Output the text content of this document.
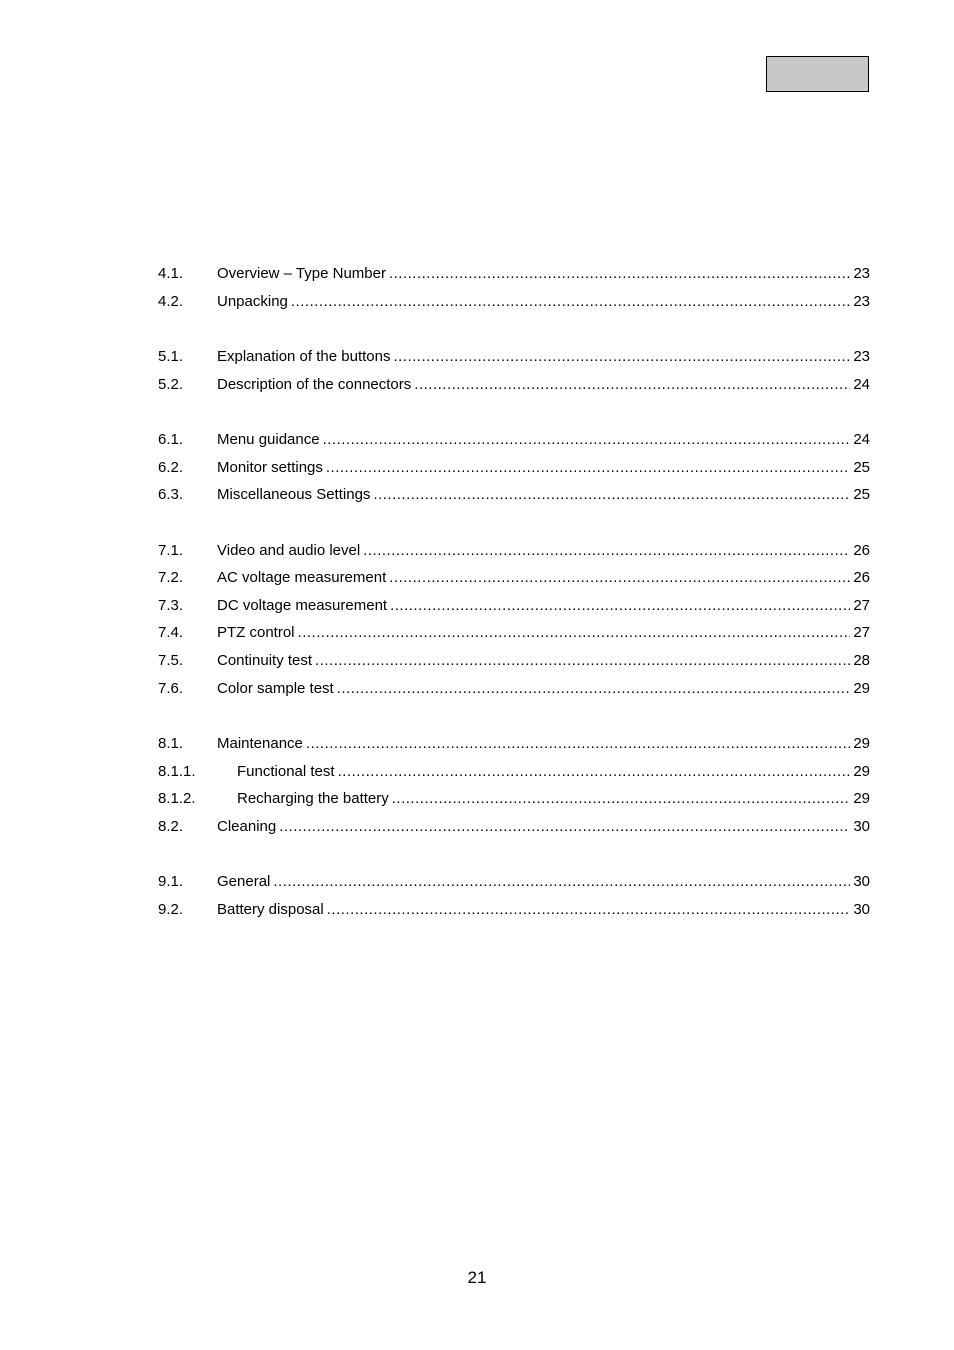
4.1.	Overview – Type Number .....	23
4.2.	Unpacking .....	23
5.1.	Explanation of the buttons .....	23
5.2.	Description of the connectors .....	24
6.1.	Menu guidance .....	24
6.2.	Monitor settings .....	25
6.3.	Miscellaneous Settings .....	25
7.1.	Video and audio level .....	26
7.2.	AC voltage measurement .....	26
7.3.	DC voltage measurement .....	27
7.4.	PTZ control .....	27
7.5.	Continuity test .....	28
7.6.	Color sample test .....	29
8.1.	Maintenance .....	29
8.1.1.	Functional test .....	29
8.1.2.	Recharging the battery .....	29
8.2.	Cleaning .....	30
9.1.	General .....	30
9.2.	Battery disposal .....	30
21
